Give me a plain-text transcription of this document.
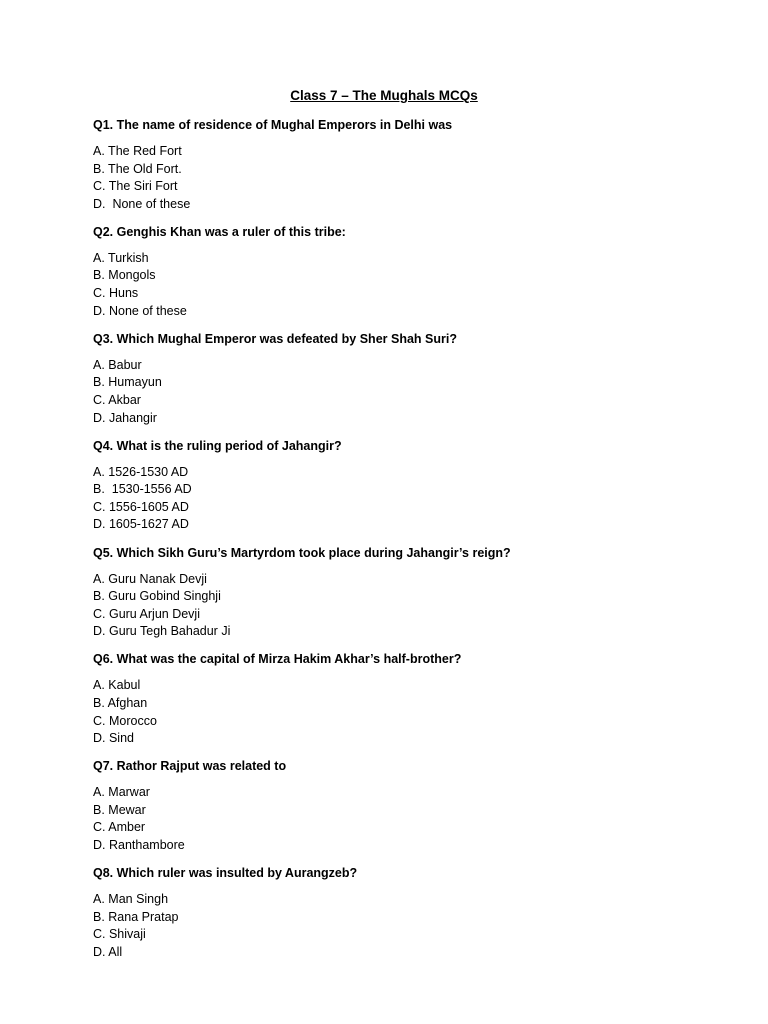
Class 7 – The Mughals MCQs

Q1. The name of residence of Mughal Emperors in Delhi was

A. The Red Fort
B. The Old Fort.
C. The Siri Fort
D.  None of these

Q2. Genghis Khan was a ruler of this tribe:

A. Turkish
B. Mongols
C. Huns
D. None of these

Q3. Which Mughal Emperor was defeated by Sher Shah Suri?

A. Babur
B. Humayun
C. Akbar
D. Jahangir

Q4. What is the ruling period of Jahangir?

A. 1526-1530 AD
B.  1530-1556 AD
C. 1556-1605 AD
D. 1605-1627 AD

Q5. Which Sikh Guru’s Martyrdom took place during Jahangir’s reign?

A. Guru Nanak Devji
B. Guru Gobind Singhji
C. Guru Arjun Devji
D. Guru Tegh Bahadur Ji

Q6. What was the capital of Mirza Hakim Akhar’s half-brother?

A. Kabul
B. Afghan
C. Morocco
D. Sind

Q7. Rathor Rajput was related to

A. Marwar
B. Mewar
C. Amber
D. Ranthambore

Q8. Which ruler was insulted by Aurangzeb?

A. Man Singh
B. Rana Pratap
C. Shivaji
D. All
